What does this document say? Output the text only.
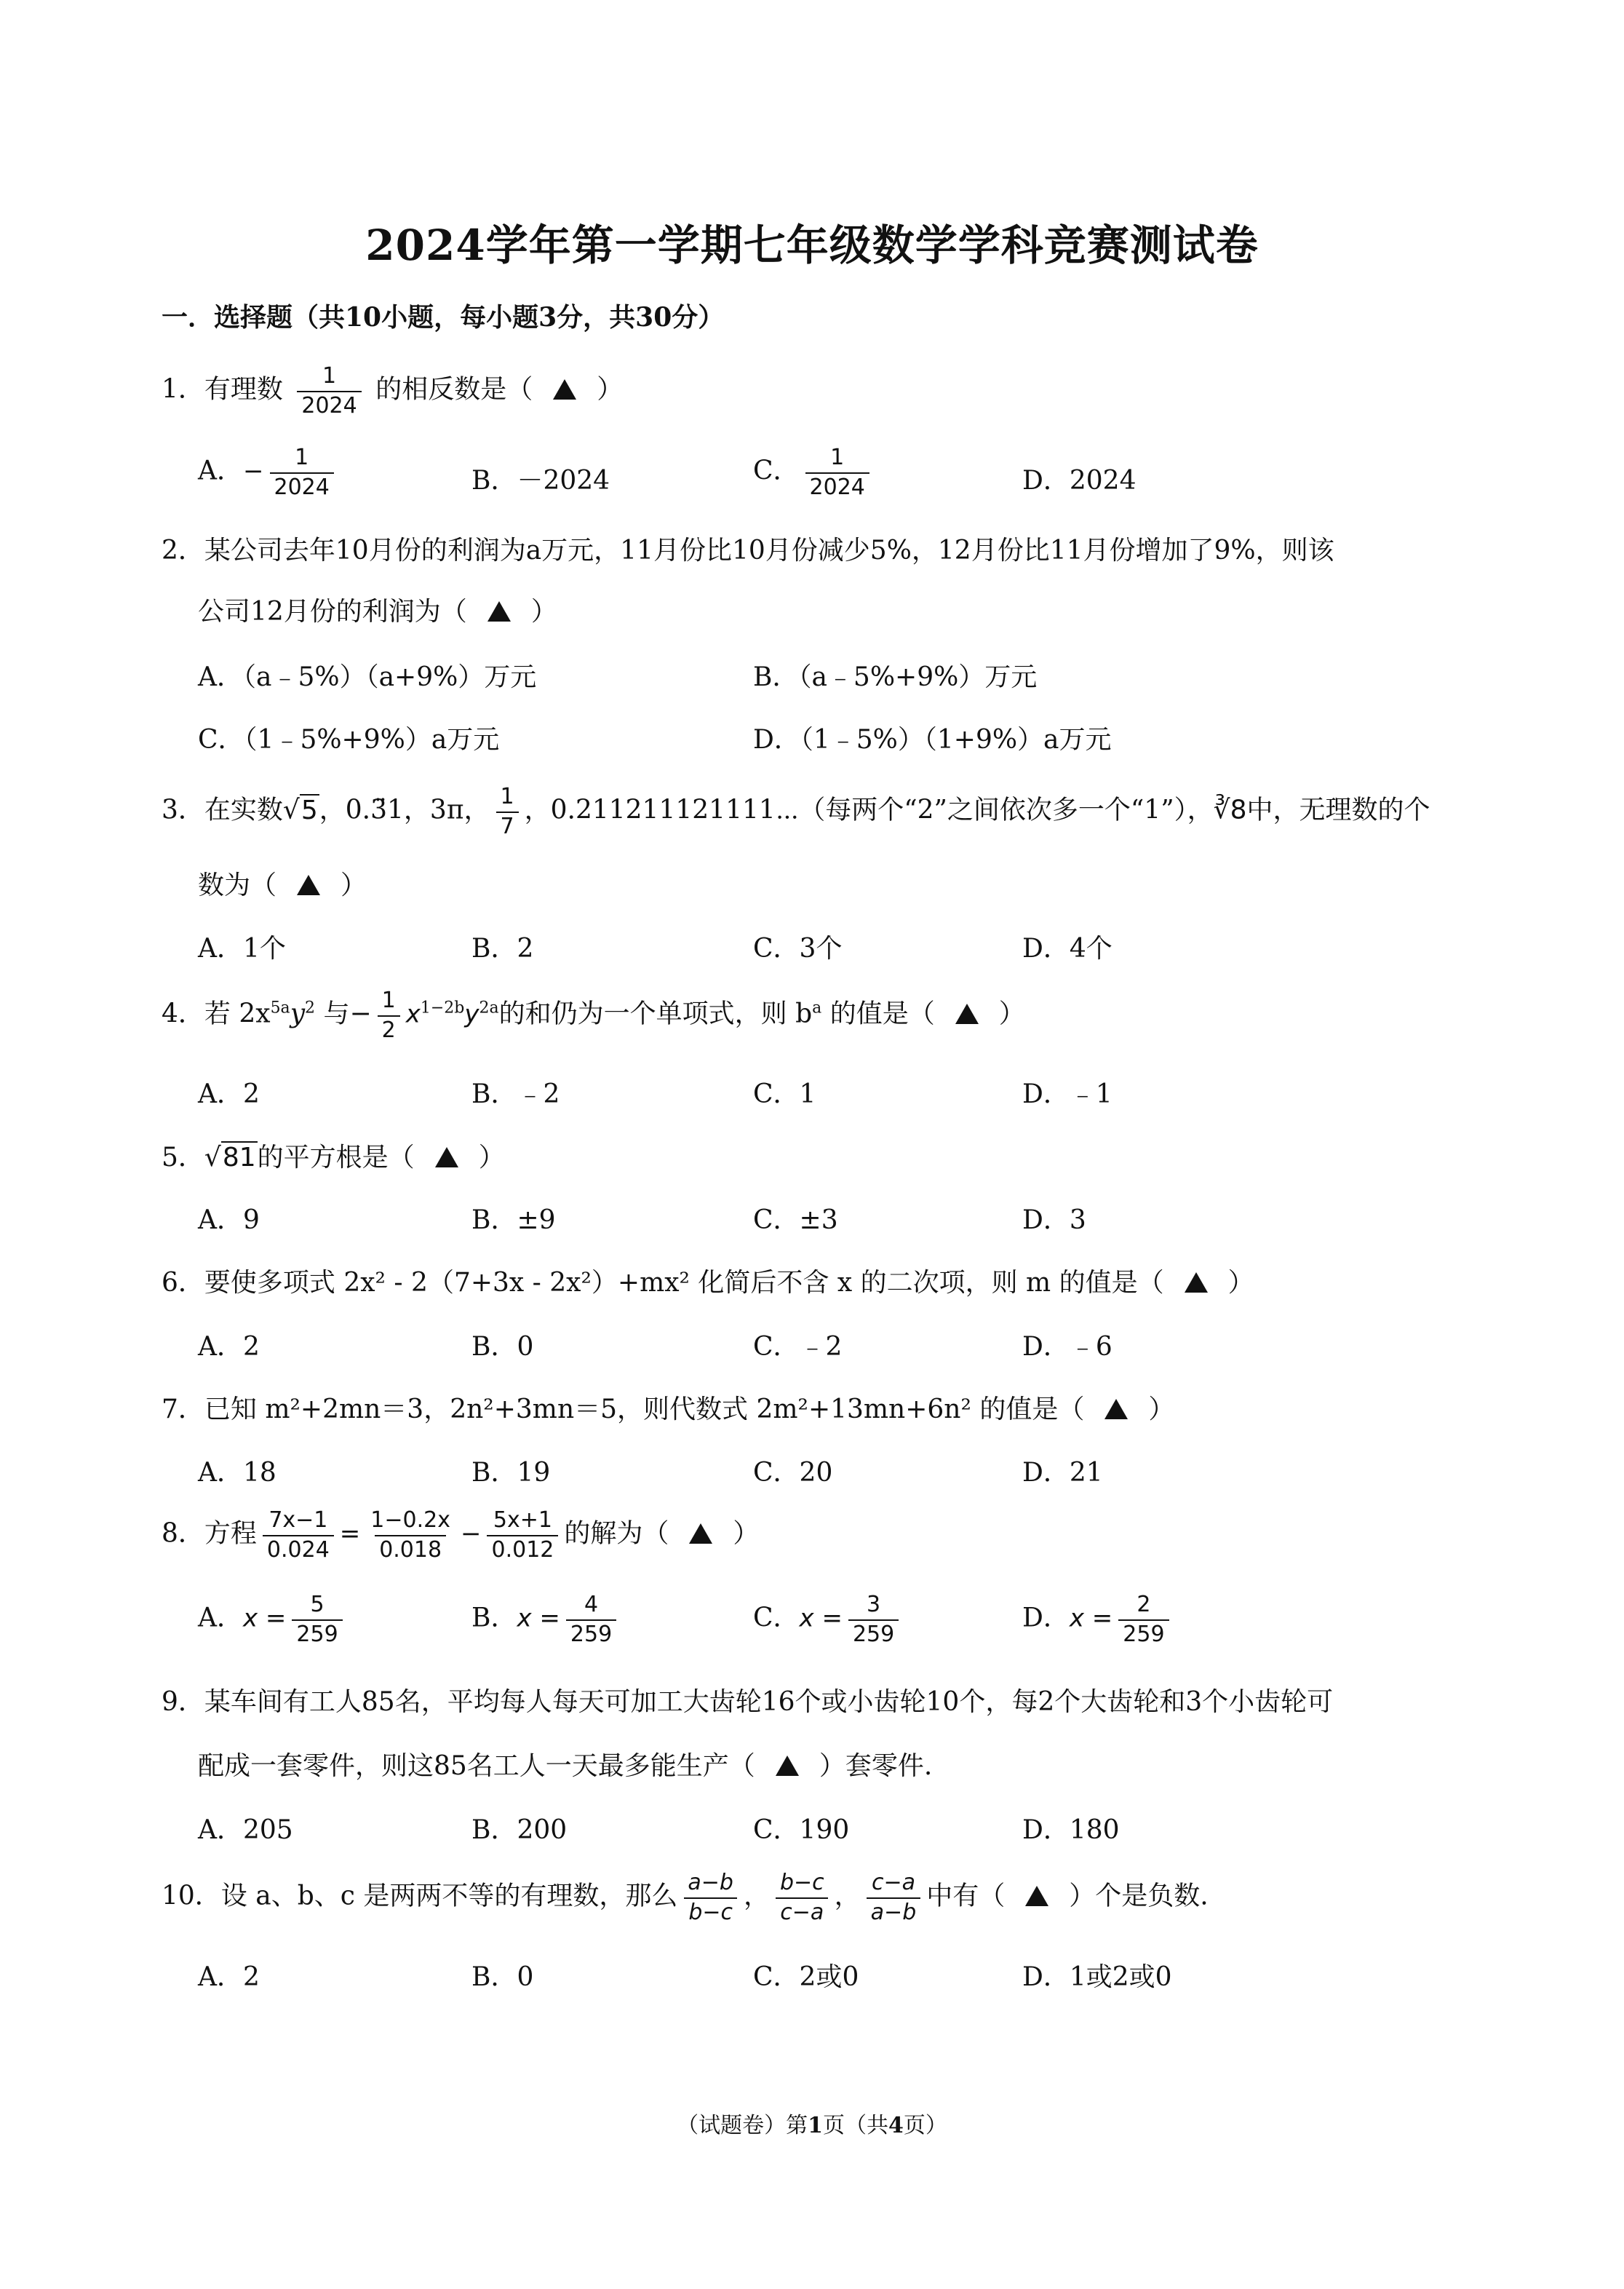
2024学年第一学期七年级数学学科竞赛测试卷
一．选择题（共10小题，每小题3分，共30分）
1．有理数 $\frac{1}{2024}$ 的相反数是（ ）
A．− $\frac{1}{2024}$	B．－2024	C． $\frac{1}{2024}$	D．2024
2．某公司去年10月份的利润为a万元，11月份比10月份减少5%，12月份比11月份增加了9%，则该
公司12月份的利润为（ ）
A．（a﹣5%）（a+9%）万元	B．（a﹣5%+9%）万元
C．（1﹣5%+9%）a万元	D．（1﹣5%）（1+9%）a万元
3．在实数√5，0.3̈1，3π， $\frac{1}{7}$ ，0.211211121111⋯（每两个“2”之间依次多一个“1”），∛8中，无理数的个
数为（ ）
A．1个	B．2	C．3个	D．4个
4．若 $2x^{5a}y^2$ 与− $\frac{1}{2} x^{1-2b}y^{2a}$的和仍为一个单项式，则 $b^a$ 的值是（ ）
A．2	B．﹣2	C．1	D．﹣1
5．√81的平方根是（ ）
A．9	B．±9	C．±3	D．3
6．要使多项式 2x² - 2（7+3x - 2x²）+mx² 化简后不含 x 的二次项，则 m 的值是（ ）
A．2	B．0	C．﹣2	D．﹣6
7．已知 m²+2mn＝3，2n²+3mn＝5，则代数式 2m²+13mn+6n² 的值是（ ）
A．18	B．19	C．20	D．21
8．方程 $\frac{7x-1}{0.024} = \frac{1-0.2x}{0.018} - \frac{5x+1}{0.012}$ 的解为（ ）
A．$x = \frac{5}{259}$	B．$x = \frac{4}{259}$	C．$x = \frac{3}{259}$	D．$x = \frac{2}{259}$
9．某车间有工人85名，平均每人每天可加工大齿轮16个或小齿轮10个，每2个大齿轮和3个小齿轮可
配成一套零件，则这85名工人一天最多能生产（ ）套零件.
A．205	B．200	C．190	D．180
10．设 a、b、c 是两两不等的有理数，那么 $\frac{a-b}{b-c}$ ， $\frac{b-c}{c-a}$ ， $\frac{c-a}{a-b}$ 中有（ ）个是负数.
A．2	B．0	C．2或0	D．1或2或0
（试题卷）第1页（共4页）
